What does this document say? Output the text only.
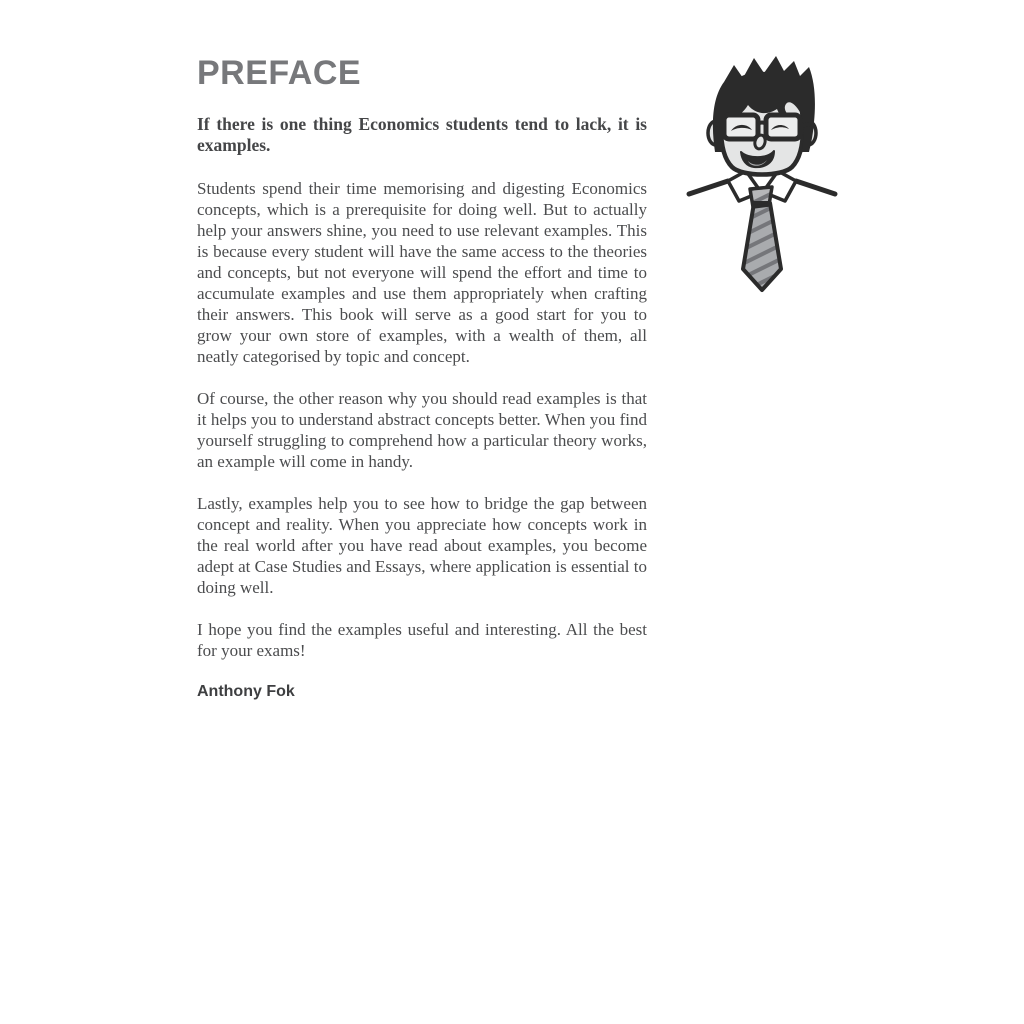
PREFACE

If there is one thing Economics students tend to lack, it is examples.

Students spend their time memorising and digesting Economics concepts, which is a prerequisite for doing well. But to actually help your answers shine, you need to use relevant examples. This is because every student will have the same access to the theories and concepts, but not everyone will spend the effort and time to accumulate examples and use them appropriately when crafting their answers. This book will serve as a good start for you to grow your own store of examples, with a wealth of them, all neatly categorised by topic and concept.

Of course, the other reason why you should read examples is that it helps you to understand abstract concepts better. When you find yourself struggling to comprehend how a particular theory works, an example will come in handy.

Lastly, examples help you to see how to bridge the gap between concept and reality. When you appreciate how concepts work in the real world after you have read about examples, you become adept at Case Studies and Essays, where application is essential to doing well.

I hope you find the examples useful and interesting. All the best for your exams!

Anthony Fok
